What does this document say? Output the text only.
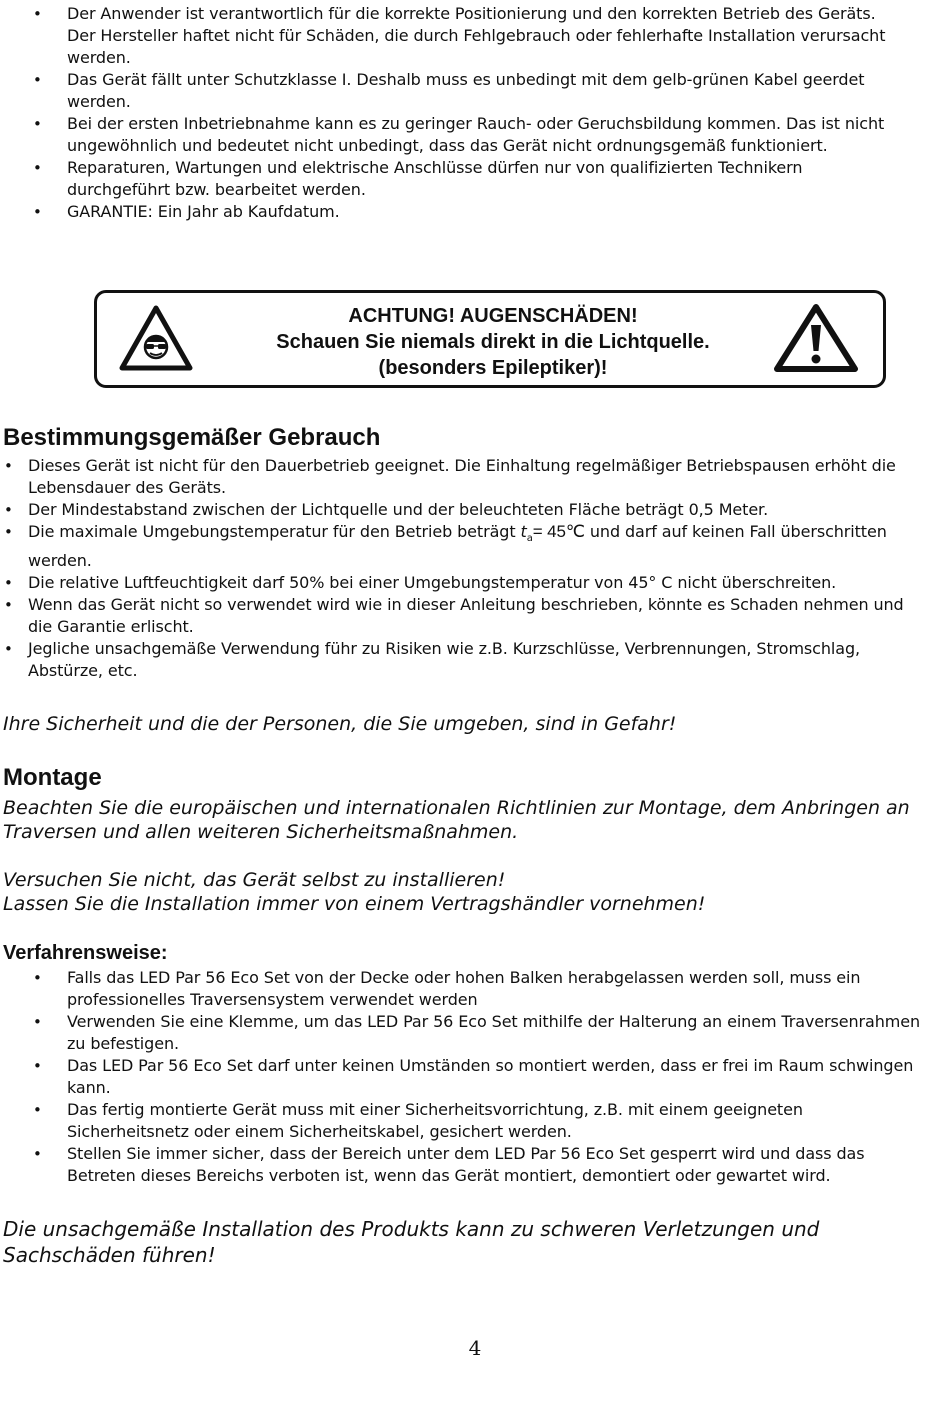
• Der Anwender ist verantwortlich für die korrekte Positionierung und den korrekten Betrieb des Geräts. Der Hersteller haftet nicht für Schäden, die durch Fehlgebrauch oder fehlerhafte Installation verursacht werden.
• Das Gerät fällt unter Schutzklasse I. Deshalb muss es unbedingt mit dem gelb-grünen Kabel geerdet werden.
• Bei der ersten Inbetriebnahme kann es zu geringer Rauch- oder Geruchsbildung kommen. Das ist nicht ungewöhnlich und bedeutet nicht unbedingt, dass das Gerät nicht ordnungsgemäß funktioniert.
• Reparaturen, Wartungen und elektrische Anschlüsse dürfen nur von qualifizierten Technikern durchgeführt bzw. bearbeitet werden.
• GARANTIE: Ein Jahr ab Kaufdatum.
ACHTUNG! AUGENSCHÄDEN!
Schauen Sie niemals direkt in die Lichtquelle.
(besonders Epileptiker)!
Bestimmungsgemäßer Gebrauch
• Dieses Gerät ist nicht für den Dauerbetrieb geeignet. Die Einhaltung regelmäßiger Betriebspausen erhöht die Lebensdauer des Geräts.
• Der Mindestabstand zwischen der Lichtquelle und der beleuchteten Fläche beträgt 0,5 Meter.
• Die maximale Umgebungstemperatur für den Betrieb beträgt $t_a=$ 45℃ und darf auf keinen Fall überschritten werden.
• Die relative Luftfeuchtigkeit darf 50% bei einer Umgebungstemperatur von 45° C nicht überschreiten.
• Wenn das Gerät nicht so verwendet wird wie in dieser Anleitung beschrieben, könnte es Schaden nehmen und die Garantie erlischt.
• Jegliche unsachgemäße Verwendung führ zu Risiken wie z.B. Kurzschlüsse, Verbrennungen, Stromschlag, Abstürze, etc.

Ihre Sicherheit und die der Personen, die Sie umgeben, sind in Gefahr!

Montage

Beachten Sie die europäischen und internationalen Richtlinien zur Montage, dem Anbringen an Traversen und allen weiteren Sicherheitsmaßnahmen.

Versuchen Sie nicht, das Gerät selbst zu installieren!

Lassen Sie die Installation immer von einem Vertragshändler vornehmen!

Verfahrensweise:
• Falls das LED Par 56 Eco Set von der Decke oder hohen Balken herabgelassen werden soll, muss ein professionelles Traversensystem verwendet werden
• Verwenden Sie eine Klemme, um das LED Par 56 Eco Set mithilfe der Halterung an einem Traversenrahmen zu befestigen.
• Das LED Par 56 Eco Set darf unter keinen Umständen so montiert werden, dass er frei im Raum schwingen kann.
• Das fertig montierte Gerät muss mit einer Sicherheitsvorrichtung, z.B. mit einem geeigneten Sicherheitsnetz oder einem Sicherheitskabel, gesichert werden.
• Stellen Sie immer sicher, dass der Bereich unter dem LED Par 56 Eco Set gesperrt wird und dass das Betreten dieses Bereichs verboten ist, wenn das Gerät montiert, demontiert oder gewartet wird.

Die unsachgemäße Installation des Produkts kann zu schweren Verletzungen und Sachschäden führen!

4
